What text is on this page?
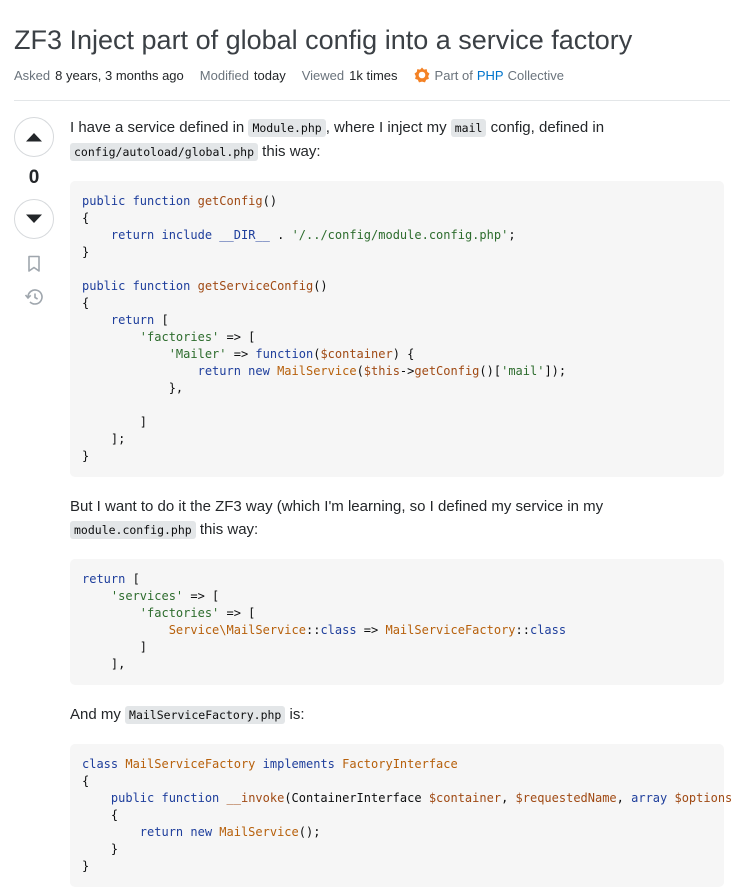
ZF3 Inject part of global config into a service factory
Asked 8 years, 3 months ago Modified today Viewed 1k times	Part of PHP Collective
0

I have a service defined in Module.php , where I inject my mail config, defined in config/autoload/global.php this way:

public function getConfig()
{
return include __DIR__ . '/../config/module.config.php';
}

public function getServiceConfig()
{
return [
'factories' => [
'Mailer' => function($container) {
return new MailService($this->getConfig()['mail']);
},

]
];
}

But I want to do it the ZF3 way (which I'm learning, so I defined my service in my module.config.php this way:

return [
'services' => [
'factories' => [
Service\MailService::class => MailServiceFactory::class
]
],

And my MailServiceFactory.php is:

class MailServiceFactory implements FactoryInterface
{
public function __invoke(ContainerInterface $container, $requestedName, array $options
{
return new MailService();
}
}
